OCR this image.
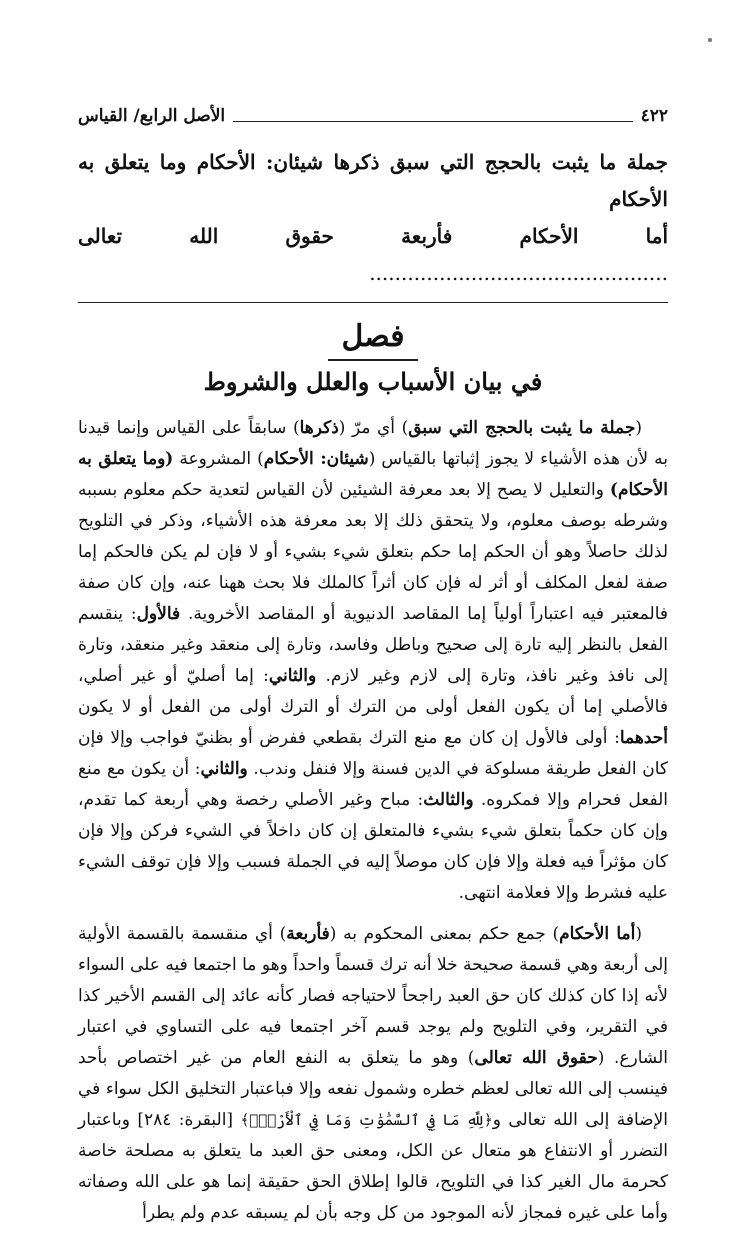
٤٢٢
الأصل الرابع/ القياس
جملة ما يثبت بالحجج التي سبق ذكرها شيئان: الأحكام وما يتعلق به الأحكام
أما الأحكام فأربعة حقوق الله تعالى ...............................................
فصل
في بيان الأسباب والعلل والشروط

(جملة ما يثبت بالحجج التي سبق) أي مرّ (ذكرها) سابقاً على القياس وإنما قيدنا به لأن هذه الأشياء لا يجوز إثباتها بالقياس (شيئان: الأحكام) المشروعة (وما يتعلق به الأحكام) والتعليل لا يصح إلا بعد معرفة الشيئين لأن القياس لتعدية حكم معلوم بسببه وشرطه بوصف معلوم، ولا يتحقق ذلك إلا بعد معرفة هذه الأشياء، وذكر في التلويح لذلك حاصلاً وهو أن الحكم إما حكم بتعلق شيء بشيء أو لا فإن لم يكن فالحكم إما صفة لفعل المكلف أو أثر له فإن كان أثراً كالملك فلا بحث ههنا عنه، وإن كان صفة فالمعتبر فيه اعتباراً أولياً إما المقاصد الدنيوية أو المقاصد الأخروية. فالأول: ينقسم الفعل بالنظر إليه تارة إلى صحيح وباطل وفاسد، وتارة إلى منعقد وغير منعقد، وتارة إلى نافذ وغير نافذ، وتارة إلى لازم وغير لازم. والثاني: إما أصليّ أو غير أصلي، فالأصلي إما أن يكون الفعل أولى من الترك أو الترك أولى من الفعل أو لا يكون أحدهما: أولى فالأول إن كان مع منع الترك بقطعي ففرض أو بظنيّ فواجب وإلا فإن كان الفعل طريقة مسلوكة في الدين فسنة وإلا فنفل وندب. والثاني: أن يكون مع منع الفعل فحرام وإلا فمكروه. والثالث: مباح وغير الأصلي رخصة وهي أربعة كما تقدم، وإن كان حكماً بتعلق شيء بشيء فالمتعلق إن كان داخلاً في الشيء فركن وإلا فإن كان مؤثراً فيه فعلة وإلا فإن كان موصلاً إليه في الجملة فسبب وإلا فإن توقف الشيء عليه فشرط وإلا فعلامة انتهى.

(أما الأحكام) جمع حكم بمعنى المحكوم به (فأربعة) أي منقسمة بالقسمة الأولية إلى أربعة وهي قسمة صحيحة خلا أنه ترك قسماً واحداً وهو ما اجتمعا فيه على السواء لأنه إذا كان كذلك كان حق العبد راجحاً لاحتياجه فصار كأنه عائد إلى القسم الأخير كذا في التقرير، وفي التلويح ولم يوجد قسم آخر اجتمعا فيه على التساوي في اعتبار الشارع. (حقوق الله تعالى) وهو ما يتعلق به النفع العام من غير اختصاص بأحد فينسب إلى الله تعالى لعظم خطره وشمول نفعه وإلا فباعتبار التخليق الكل سواء في الإضافة إلى الله تعالى و﴿لِلَّهِ مَا فِي ٱلسَّمَٰوَٰتِ وَمَا فِي ٱلْأَرْضِۗ﴾ [البقرة: ٢٨٤] وباعتبار التضرر أو الانتفاع هو متعال عن الكل، ومعنى حق العبد ما يتعلق به مصلحة خاصة كحرمة مال الغير كذا في التلويح، قالوا إطلاق الحق حقيقة إنما هو على الله وصفاته وأما على غيره فمجاز لأنه الموجود من كل وجه بأن لم يسبقه عدم ولم يطرأ
